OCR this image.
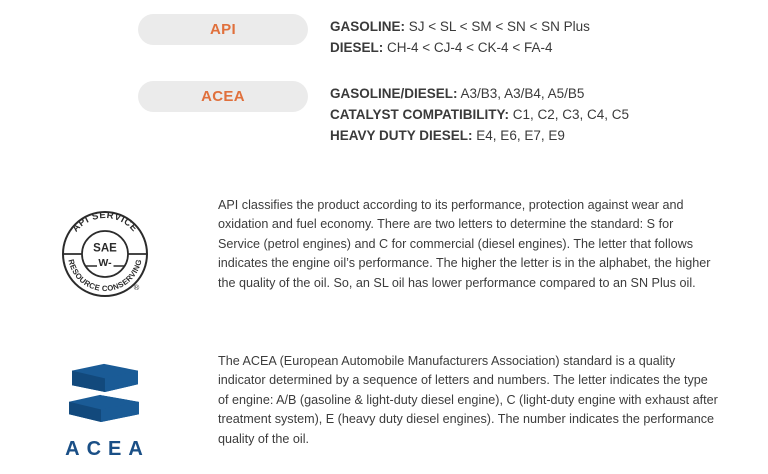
API	GASOLINE: SJ < SL < SM < SN < SN Plus
DIESEL: CH-4 < CJ-4 < CK-4 < FA-4
ACEA	GASOLINE/DIESEL: A3/B3, A3/B4, A5/B5
CATALYST COMPATIBILITY: C1, C2, C3, C4, C5
HEAVY DUTY DIESEL: E4, E6, E7, E9
API SERVICE
RESOURCE CONSERVING
SAE
W-
®

API classifies the product according to its performance, protection against wear and oxidation and fuel economy. There are two letters to determine the standard: S for Service (petrol engines) and C for commercial (diesel engines). The letter that follows indicates the engine oil’s performance. The higher the letter is in the alphabet, the higher the quality of the oil. So, an SL oil has lower performance compared to an SN Plus oil.

ACEA

The ACEA (European Automobile Manufacturers Association) standard is a quality indicator determined by a sequence of letters and numbers. The letter indicates the type of engine: A/B (gasoline & light-duty diesel engine), C (light-duty engine with exhaust after treatment system), E (heavy duty diesel engines). The number indicates the performance quality of the oil.
